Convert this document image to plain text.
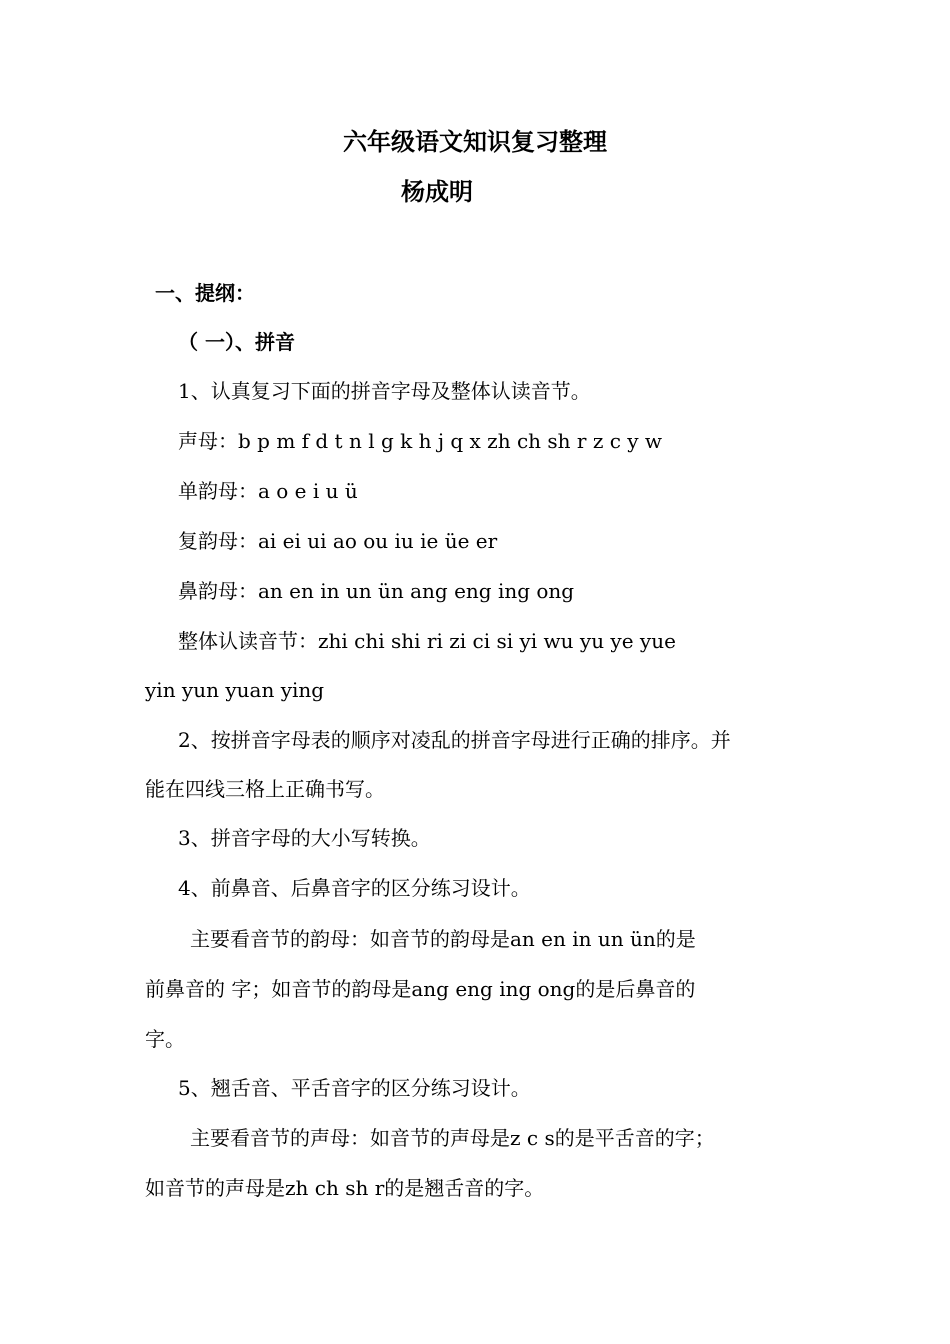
六年级语文知识复习整理
杨成明
一、提纲：
（ 一）、拼音
1、认真复习下面的拼音字母及整体认读音节。
声母：b p m f d t n l g k h j q x zh ch sh r z c y w
单韵母：a o e i u ü
复韵母：ai ei ui ao ou iu ie üe er
鼻韵母：an en in un ün ang eng ing ong
整体认读音节：zhi chi shi ri zi ci si yi wu yu ye yue
yin yun yuan ying
2、按拼音字母表的顺序对凌乱的拼音字母进行正确的排序。并
能在四线三格上正确书写。
3、拼音字母的大小写转换。
4、前鼻音、后鼻音字的区分练习设计。
主要看音节的韵母：如音节的韵母是an en in un ün的是
前鼻音的 字；如音节的韵母是ang eng ing ong的是后鼻音的
字。
5、翘舌音、平舌音字的区分练习设计。
主要看音节的声母：如音节的声母是z c s的是平舌音的字；
如音节的声母是zh ch sh r的是翘舌音的字。
